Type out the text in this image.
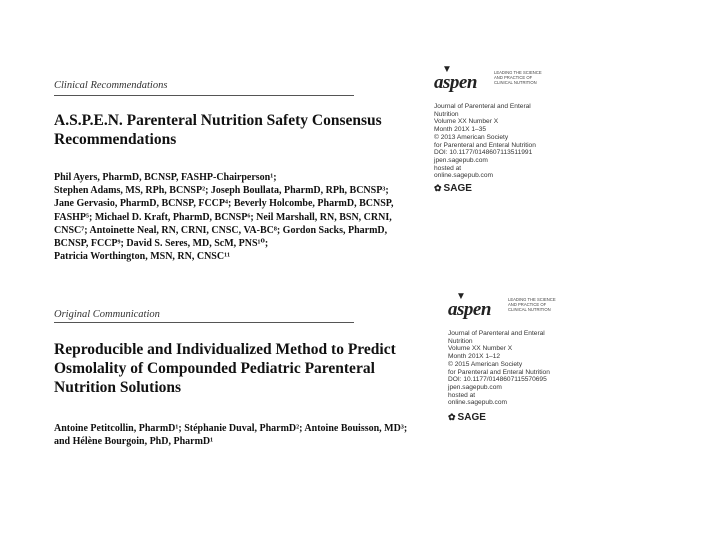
Clinical Recommendations
A.S.P.E.N. Parenteral Nutrition Safety Consensus
Recommendations
Phil Ayers, PharmD, BCNSP, FASHP-Chairperson¹;
Stephen Adams, MS, RPh, BCNSP²; Joseph Boullata, PharmD, RPh, BCNSP³;
Jane Gervasio, PharmD, BCNSP, FCCP⁴; Beverly Holcombe, PharmD, BCNSP,
FASHP⁵; Michael D. Kraft, PharmD, BCNSP⁶; Neil Marshall, RN, BSN, CRNI,
CNSC⁷; Antoinette Neal, RN, CRNI, CNSC, VA-BC⁸; Gordon Sacks, PharmD,
BCNSP, FCCP⁹; David S. Seres, MD, ScM, PNS¹⁰;
Patricia Worthington, MSN, RN, CNSC¹¹
▼
aspen	LEADING THE SCIENCE AND PRACTICE OF CLINICAL NUTRITION
Journal of Parenteral and Enteral
Nutrition
Volume XX Number X
Month 201X 1–35
© 2013 American Society
for Parenteral and Enteral Nutrition
DOI: 10.1177/0148607113511991
jpen.sagepub.com
hosted at
online.sagepub.com
✿ SAGE
Original Communication
Reproducible and Individualized Method to Predict
Osmolality of Compounded Pediatric Parenteral
Nutrition Solutions
Antoine Petitcollin, PharmD¹; Stéphanie Duval, PharmD²; Antoine Bouisson, MD³;
and Hélène Bourgoin, PhD, PharmD¹
▼
aspen	LEADING THE SCIENCE AND PRACTICE OF CLINICAL NUTRITION
Journal of Parenteral and Enteral
Nutrition
Volume XX Number X
Month 201X 1–12
© 2015 American Society
for Parenteral and Enteral Nutrition
DOI: 10.1177/0148607115570695
jpen.sagepub.com
hosted at
online.sagepub.com
✿ SAGE
